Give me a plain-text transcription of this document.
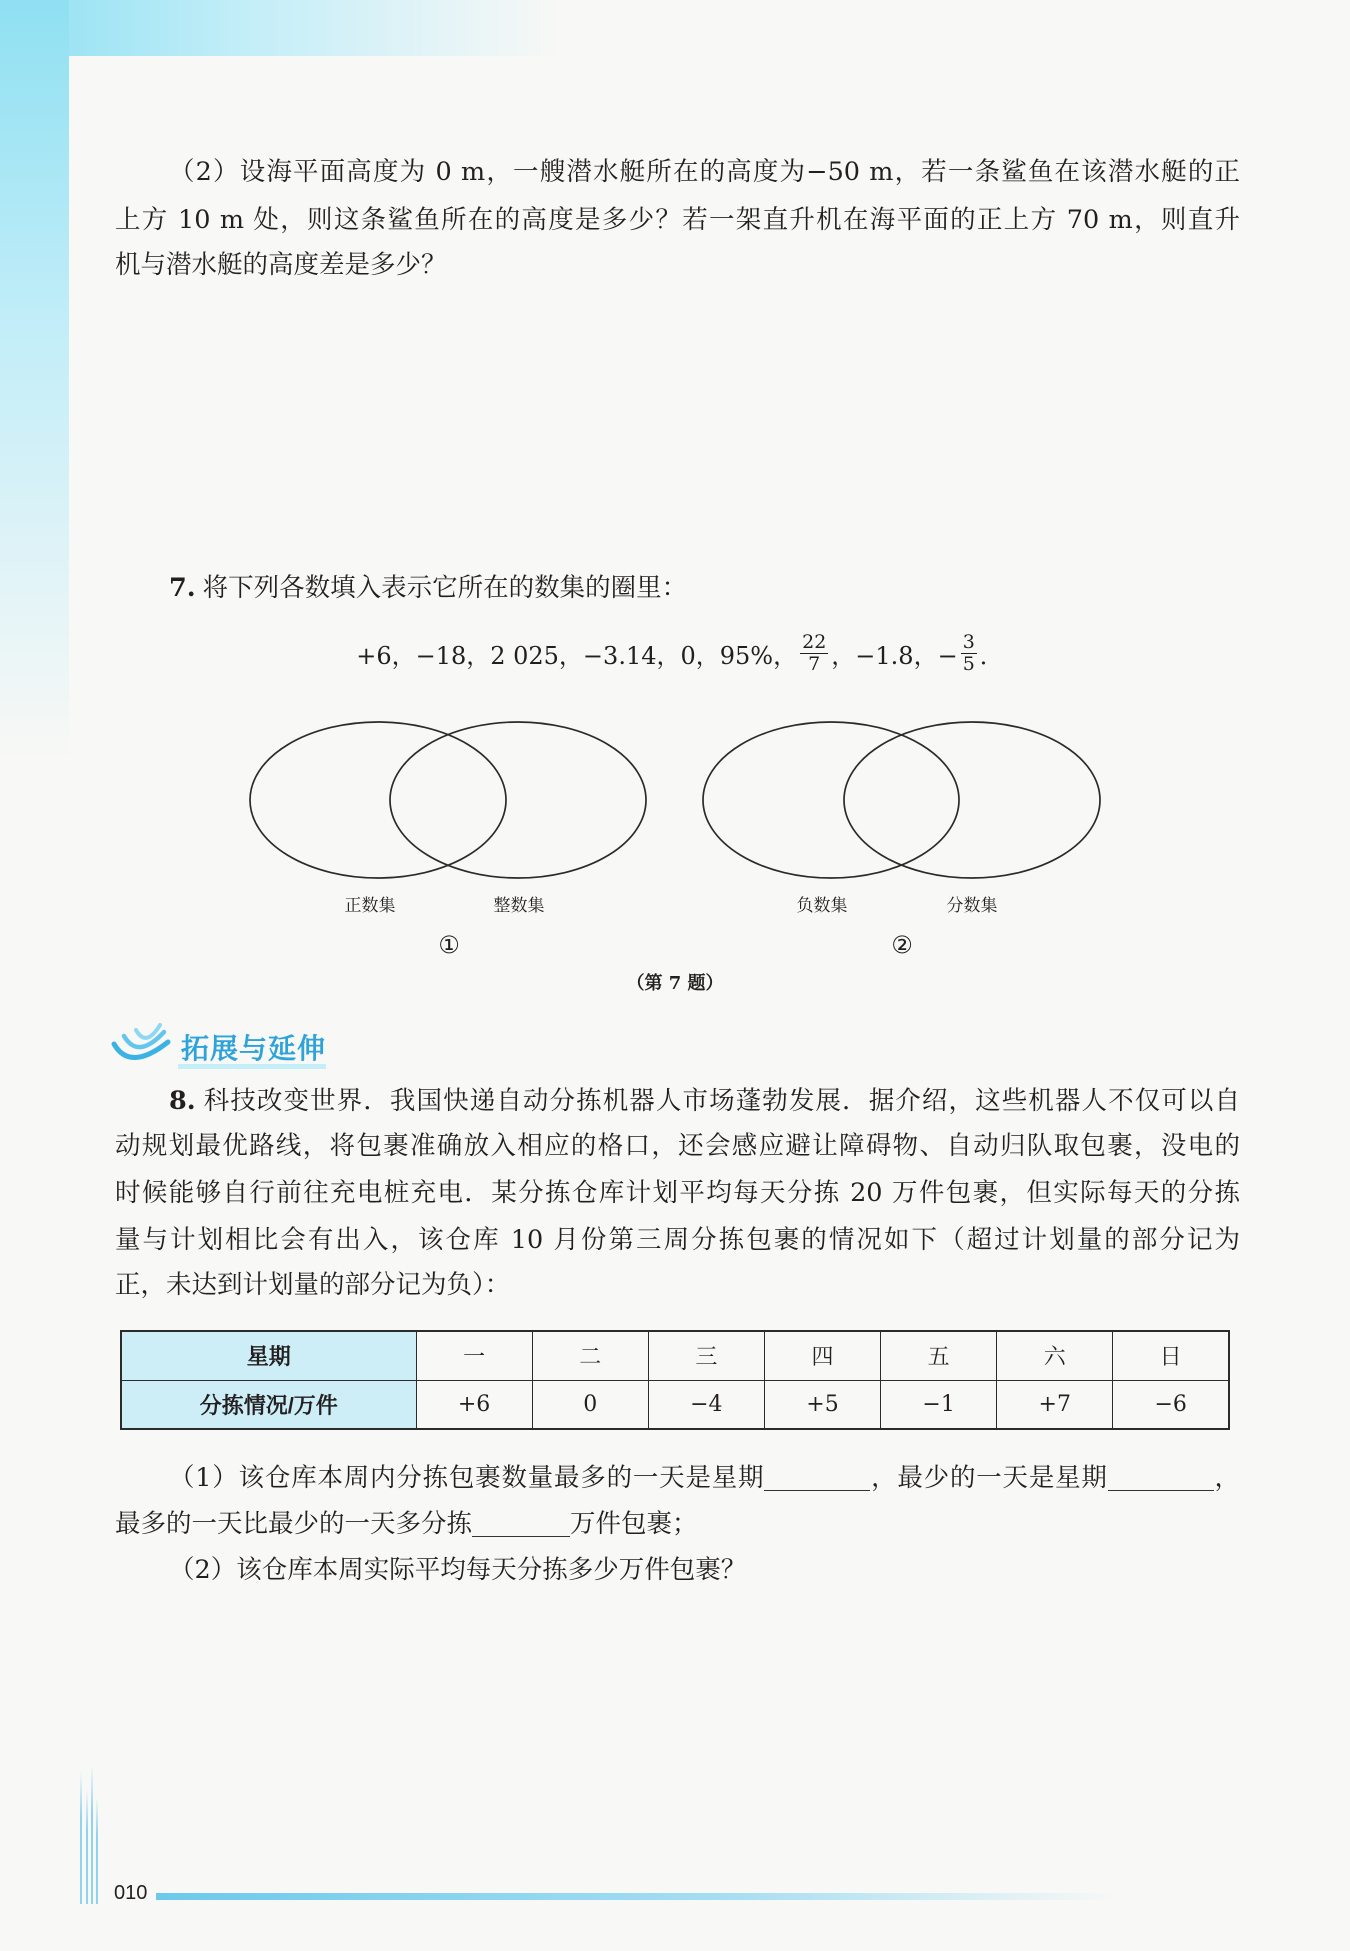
（2）设海平面高度为 0 m，一艘潜水艇所在的高度为−50 m，若一条鲨鱼在该潜水艇的正
上方 10 m 处，则这条鲨鱼所在的高度是多少？若一架直升机在海平面的正上方 70 m，则直升
机与潜水艇的高度差是多少？
7. 将下列各数填入表示它所在的数集的圈里：
+6，−18，2 025，−3.14，0，95%， $\frac{22}{7}$ ，−1.8，− $\frac{3}{5}$ ．
正数集	整数集	负数集	分数集
①	②
（第 7 题）
拓展与延伸
8. 科技改变世界．我国快递自动分拣机器人市场蓬勃发展．据介绍，这些机器人不仅可以自
动规划最优路线，将包裹准确放入相应的格口，还会感应避让障碍物、自动归队取包裹，没电的
时候能够自行前往充电桩充电．某分拣仓库计划平均每天分拣 20 万件包裹，但实际每天的分拣
量与计划相比会有出入，该仓库 10 月份第三周分拣包裹的情况如下（超过计划量的部分记为
正，未达到计划量的部分记为负）：
星期	一	二	三	四	五	六	日
分拣情况/万件	+6	0	−4	+5	−1	+7	−6
（1）该仓库本周内分拣包裹数量最多的一天是星期	，最少的一天是星期	，
最多的一天比最少的一天多分拣	万件包裹；
（2）该仓库本周实际平均每天分拣多少万件包裹？
010
